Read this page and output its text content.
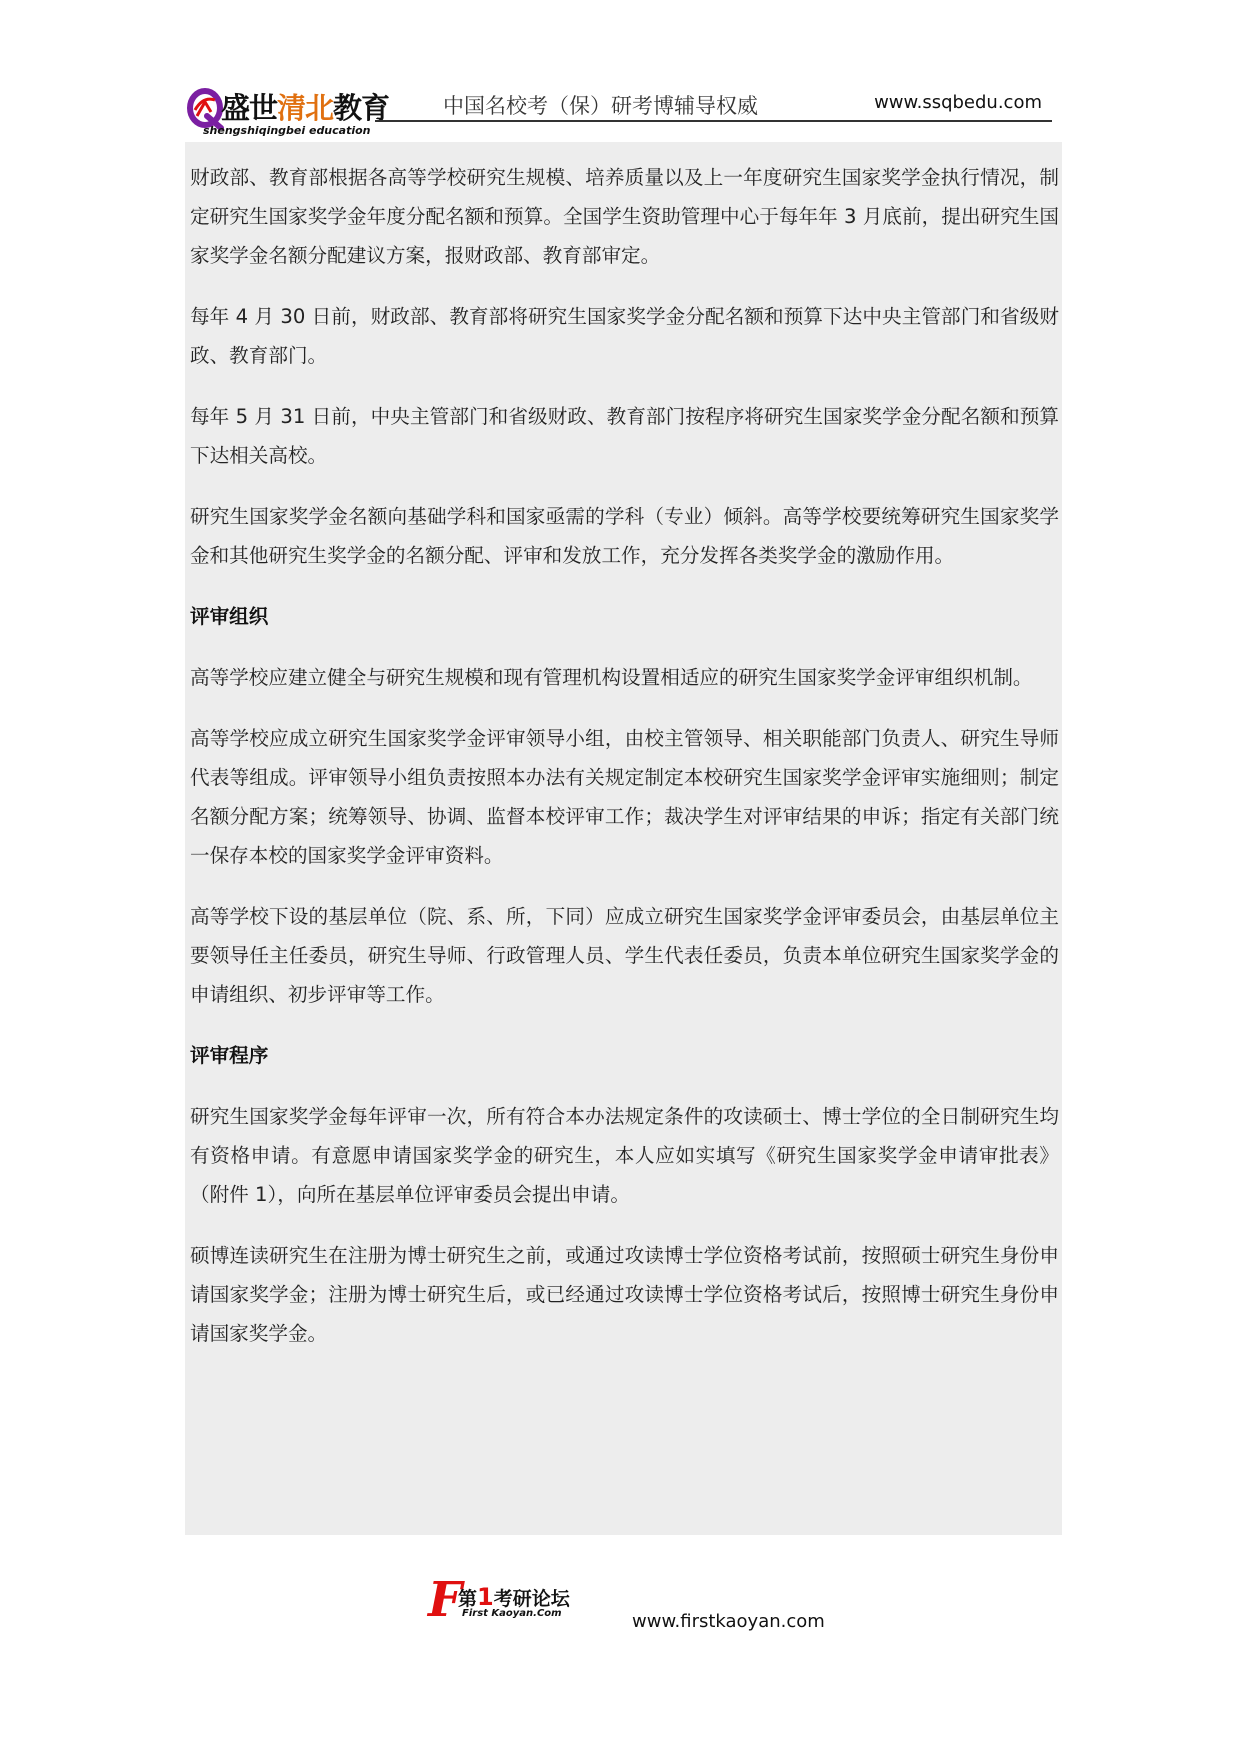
盛世清北教育
shengshiqingbei education
中国名校考（保）研考博辅导权威	www.ssqbedu.com

财政部、教育部根据各高等学校研究生规模、培养质量以及上一年度研究生国家奖学金执行情况，制定研究生国家奖学金年度分配名额和预算。全国学生资助管理中心于每年年 3 月底前，提出研究生国家奖学金名额分配建议方案，报财政部、教育部审定。

每年 4 月 30 日前，财政部、教育部将研究生国家奖学金分配名额和预算下达中央主管部门和省级财政、教育部门。

每年 5 月 31 日前，中央主管部门和省级财政、教育部门按程序将研究生国家奖学金分配名额和预算下达相关高校。

研究生国家奖学金名额向基础学科和国家亟需的学科（专业）倾斜。高等学校要统筹研究生国家奖学金和其他研究生奖学金的名额分配、评审和发放工作，充分发挥各类奖学金的激励作用。

评审组织

高等学校应建立健全与研究生规模和现有管理机构设置相适应的研究生国家奖学金评审组织机制。

高等学校应成立研究生国家奖学金评审领导小组，由校主管领导、相关职能部门负责人、研究生导师代表等组成。评审领导小组负责按照本办法有关规定制定本校研究生国家奖学金评审实施细则；制定名额分配方案；统筹领导、协调、监督本校评审工作；裁决学生对评审结果的申诉；指定有关部门统一保存本校的国家奖学金评审资料。

高等学校下设的基层单位（院、系、所，下同）应成立研究生国家奖学金评审委员会，由基层单位主要领导任主任委员，研究生导师、行政管理人员、学生代表任委员，负责本单位研究生国家奖学金的申请组织、初步评审等工作。

评审程序

研究生国家奖学金每年评审一次，所有符合本办法规定条件的攻读硕士、博士学位的全日制研究生均有资格申请。有意愿申请国家奖学金的研究生，本人应如实填写《研究生国家奖学金申请审批表》（附件 1），向所在基层单位评审委员会提出申请。

硕博连读研究生在注册为博士研究生之前，或通过攻读博士学位资格考试前，按照硕士研究生身份申请国家奖学金；注册为博士研究生后，或已经通过攻读博士学位资格考试后，按照博士研究生身份申请国家奖学金。

F
第1考研论坛
First Kaoyan.Com	www.firstkaoyan.com
